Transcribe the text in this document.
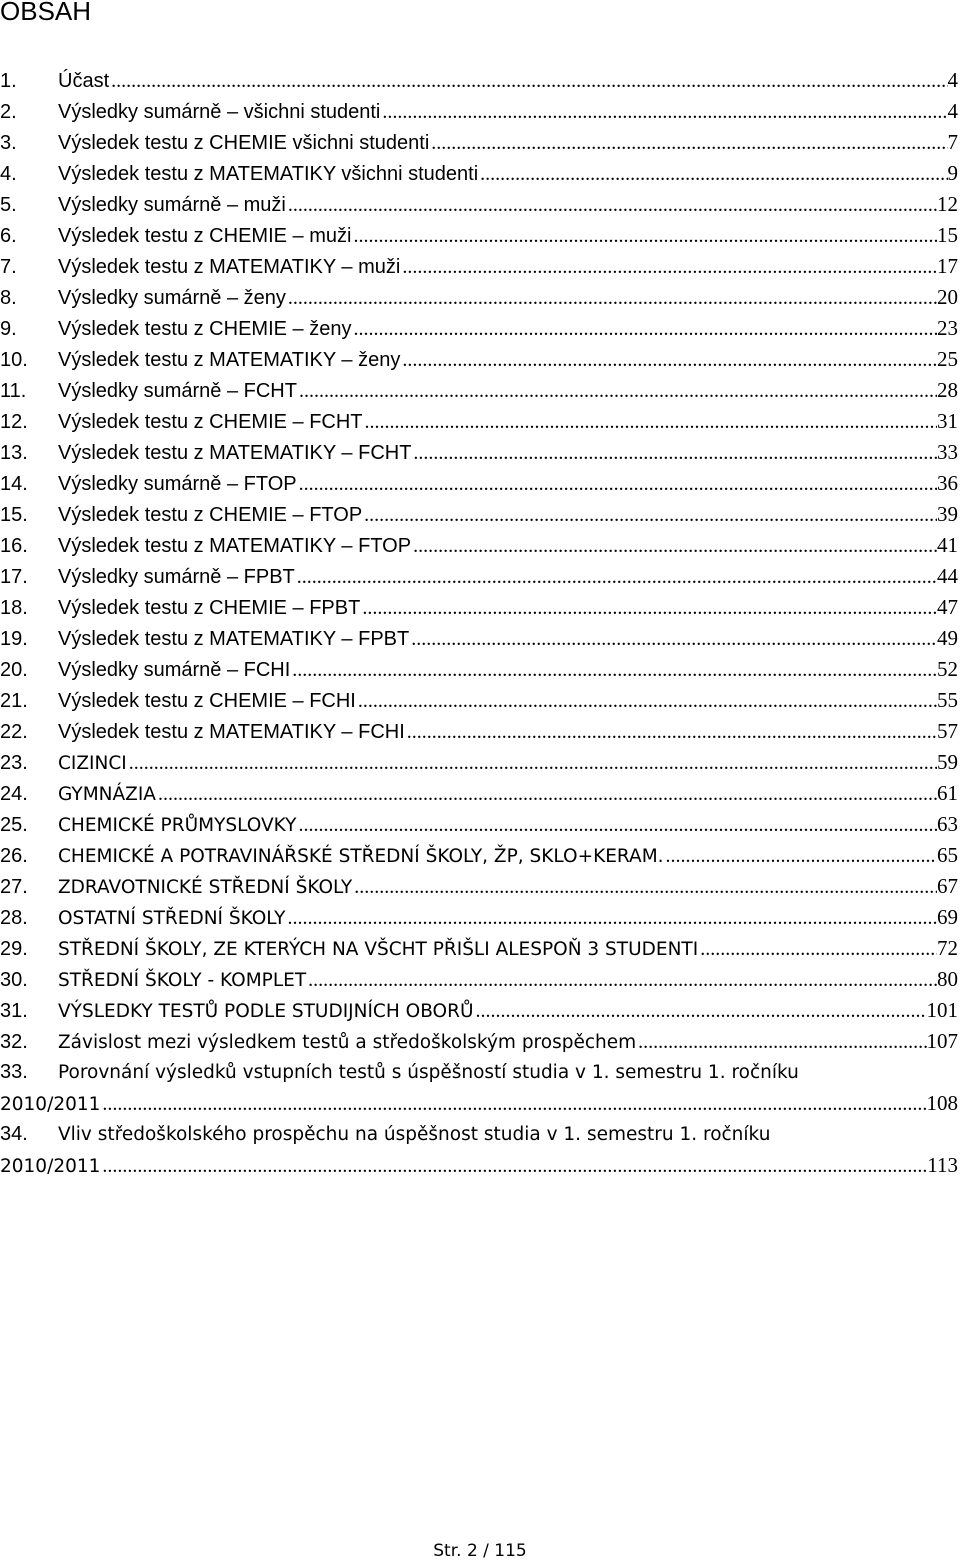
OBSAH
1.	Účast .....	4
2.	Výsledky sumárně – všichni studenti .....	4
3.	Výsledek testu z CHEMIE všichni studenti .....	7
4.	Výsledek testu z MATEMATIKY všichni studenti .....	9
5.	Výsledky sumárně – muži .....	12
6.	Výsledek testu z CHEMIE – muži .....	15
7.	Výsledek testu z MATEMATIKY – muži .....	17
8.	Výsledky sumárně – ženy .....	20
9.	Výsledek testu z CHEMIE – ženy .....	23
10.	Výsledek testu z MATEMATIKY – ženy .....	25
11.	Výsledky sumárně – FCHT .....	28
12.	Výsledek testu z CHEMIE – FCHT .....	31
13.	Výsledek testu z MATEMATIKY – FCHT .....	33
14.	Výsledky sumárně – FTOP .....	36
15.	Výsledek testu z CHEMIE – FTOP .....	39
16.	Výsledek testu z MATEMATIKY – FTOP .....	41
17.	Výsledky sumárně – FPBT .....	44
18.	Výsledek testu z CHEMIE – FPBT .....	47
19.	Výsledek testu z MATEMATIKY – FPBT .....	49
20.	Výsledky sumárně – FCHI .....	52
21.	Výsledek testu z CHEMIE – FCHI .....	55
22.	Výsledek testu z MATEMATIKY – FCHI .....	57
23.	CIZINCI .....	59
24.	GYMNÁZIA .....	61
25.	CHEMICKÉ PRŮMYSLOVKY .....	63
26.	CHEMICKÉ A POTRAVINÁŘSKÉ STŘEDNÍ ŠKOLY, ŽP, SKLO+KERAM. .....	65
27.	ZDRAVOTNICKÉ STŘEDNÍ ŠKOLY .....	67
28.	OSTATNÍ STŘEDNÍ ŠKOLY .....	69
29.	STŘEDNÍ ŠKOLY, ZE KTERÝCH NA VŠCHT PŘIŠLI ALESPOŇ 3 STUDENTI .....	72
30.	STŘEDNÍ ŠKOLY - KOMPLET .....	80
31.	VÝSLEDKY TESTŮ PODLE STUDIJNÍCH OBORŮ .....	101
32.	Závislost mezi výsledkem testů a středoškolským prospěchem .....	107
33.	Porovnání výsledků vstupních testů s úspěšností studia v 1. semestru 1. ročníku
2010/2011 .....	108
34.	Vliv středoškolského prospěchu na úspěšnost studia v 1. semestru 1. ročníku
2010/2011 .....	113
Str. 2 / 115
